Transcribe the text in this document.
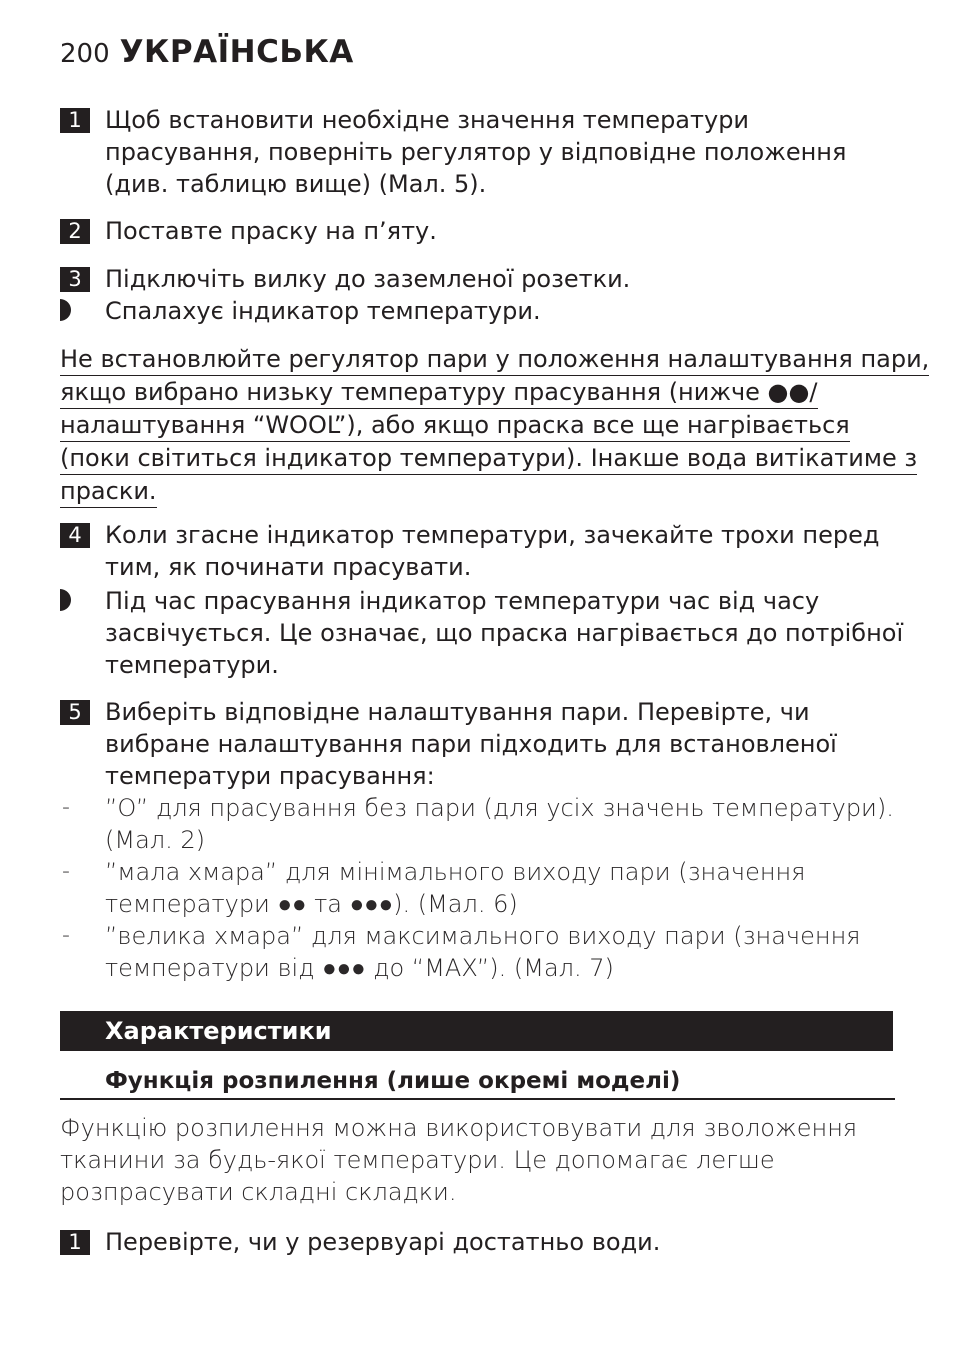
200 УКРАЇНСЬКА
1 Щоб встановити необхідне значення температури прасування, поверніть регулятор у відповідне положення (див. таблицю вище) (Мал. 5).
2 Поставте праску на п’яту.
3 Підключіть вилку до заземленої розетки.
Спалахує індикатор температури.
Не встановлюйте регулятор пари у положення налаштування пари,
якщо вибрано низьку температуру прасування (нижче ●●/
налаштування “WOOL”), або якщо праска все ще нагрівається
(поки світиться індикатор температури). Інакше вода витікатиме з
праски.
4 Коли згасне індикатор температури, зачекайте трохи перед тим, як починати прасувати.
Під час прасування індикатор температури час від часу засвічується. Це означає, що праска нагрівається до потрібної температури.
5 Виберіть відповідне налаштування пари. Перевірте, чи вибране налаштування пари підходить для встановленої температури прасування:
- ”O” для прасування без пари (для усіх значень температури). (Мал. 2)
- ”мала хмара” для мінімального виходу пари (значення температури ●● та ●●●). (Мал. 6)
- ”велика хмара” для максимального виходу пари (значення температури від ●●● до “MAX”). (Мал. 7)
Характеристики
Функція розпилення (лише окремі моделі)
Функцію розпилення можна використовувати для зволоження тканини за будь-якої температури. Це допомагає легше розпрасувати складні складки.
1 Перевірте, чи у резервуарі достатньо води.
